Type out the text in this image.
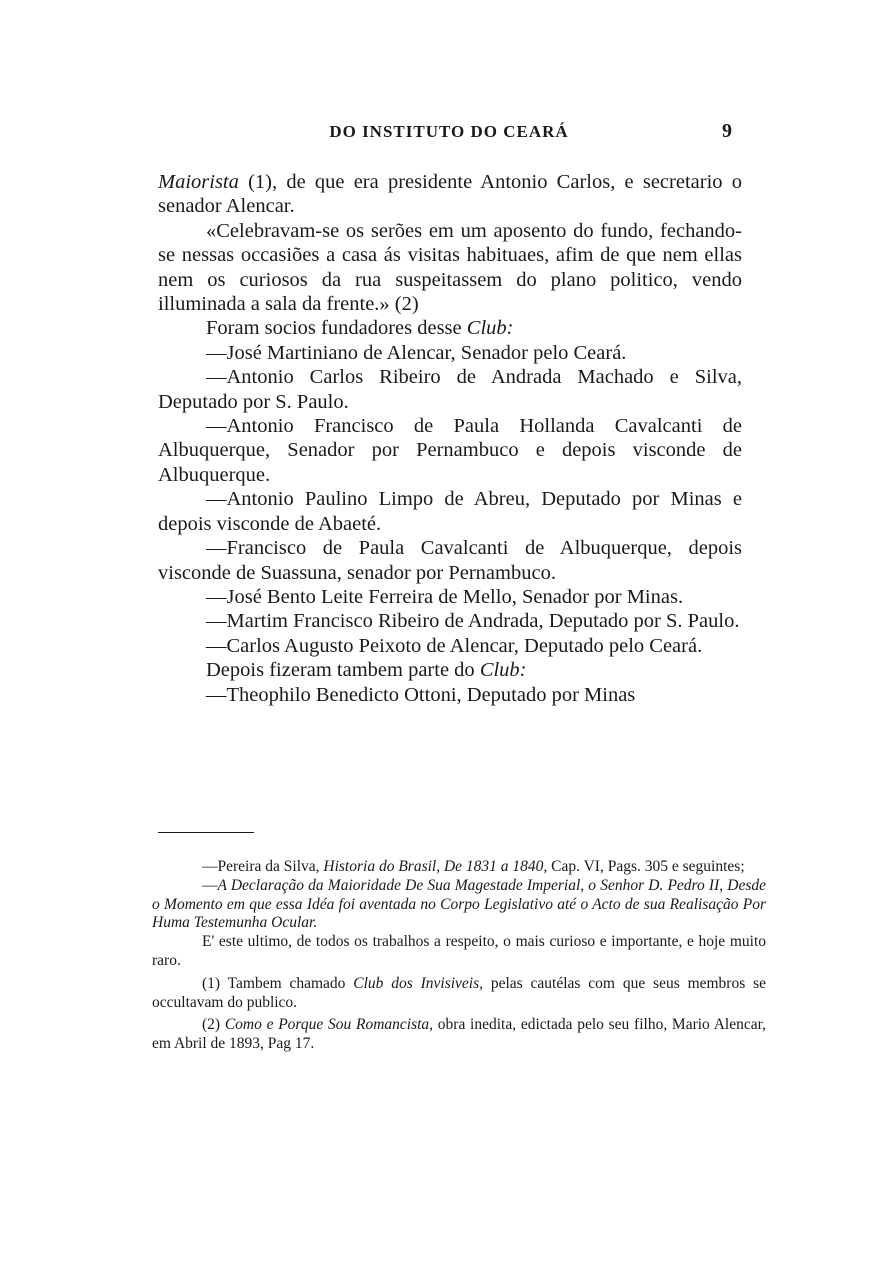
DO INSTITUTO DO CEARÁ	9

Maiorista (1), de que era presidente Antonio Carlos, e secretario o senador Alencar.

«Celebravam-se os serões em um aposento do fundo, fechando-se nessas occasiões a casa ás visitas habituaes, afim de que nem ellas nem os curiosos da rua suspeitassem do plano politico, vendo illuminada a sala da frente.» (2)

Foram socios fundadores desse Club:

—José Martiniano de Alencar, Senador pelo Ceará.

—Antonio Carlos Ribeiro de Andrada Machado e Silva, Deputado por S. Paulo.

—Antonio Francisco de Paula Hollanda Cavalcanti de Albuquerque, Senador por Pernambuco e depois visconde de Albuquerque.

—Antonio Paulino Limpo de Abreu, Deputado por Minas e depois visconde de Abaeté.

—Francisco de Paula Cavalcanti de Albuquerque, depois visconde de Suassuna, senador por Pernambuco.

—José Bento Leite Ferreira de Mello, Senador por Minas.

—Martim Francisco Ribeiro de Andrada, Deputado por S. Paulo.

—Carlos Augusto Peixoto de Alencar, Deputado pelo Ceará.

Depois fizeram tambem parte do Club:

—Theophilo Benedicto Ottoni, Deputado por Minas

—Pereira da Silva, Historia do Brasil, De 1831 a 1840, Cap. VI, Pags. 305 e seguintes;

—A Declaração da Maioridade De Sua Magestade Imperial, o Senhor D. Pedro II, Desde o Momento em que essa Idéa foi aventada no Corpo Legislativo até o Acto de sua Realisação Por Huma Testemunha Ocular.

E' este ultimo, de todos os trabalhos a respeito, o mais curioso e importante, e hoje muito raro.

(1) Tambem chamado Club dos Invisiveis, pelas cautélas com que seus membros se occultavam do publico.

(2) Como e Porque Sou Romancista, obra inedita, edictada pelo seu filho, Mario Alencar, em Abril de 1893, Pag 17.
